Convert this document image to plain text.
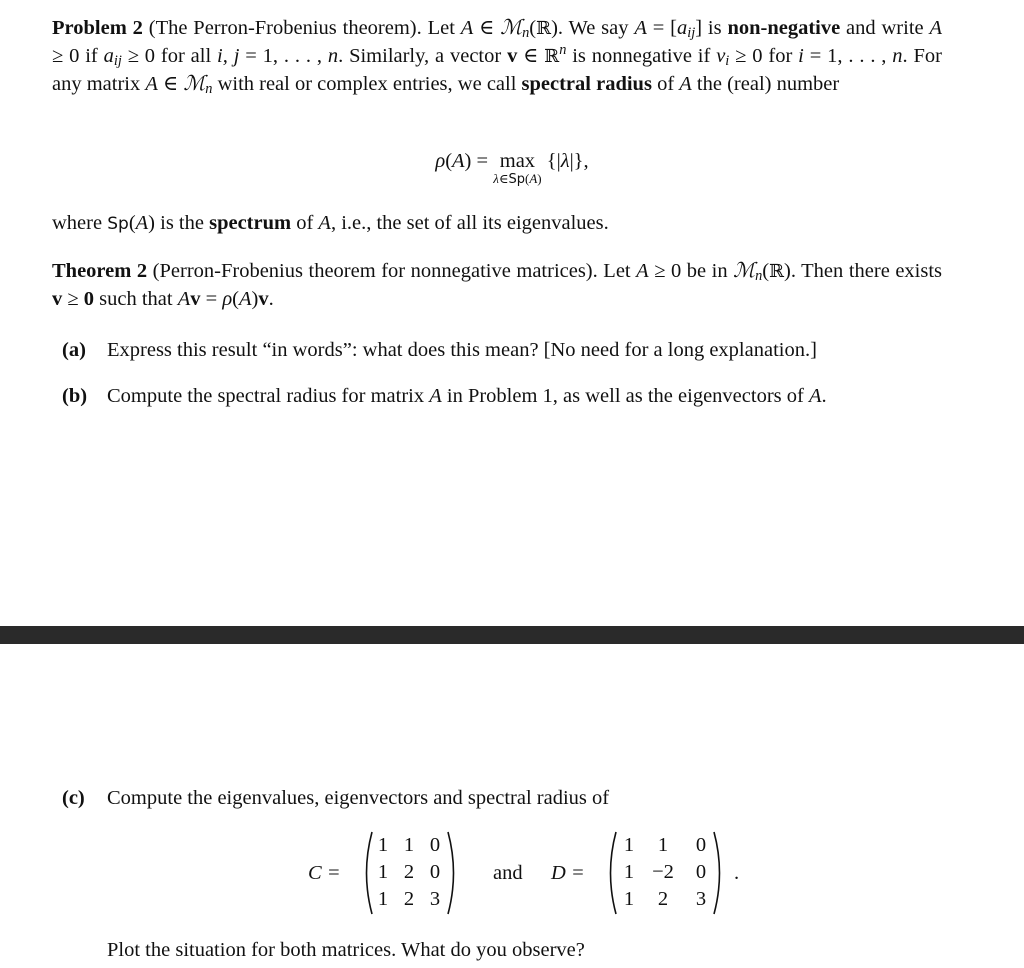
Problem 2 (The Perron-Frobenius theorem). Let A ∈ ℳ$_n$(ℝ). We say $A = [a_{ij}]$ is non-negative and write A ≥ 0 if $a_{ij} \ge 0$ for all i, j = 1, . . . , n. Similarly, a vector v ∈ ℝ$^n$ is nonnegative if $v_i \ge 0$ for i = 1, . . . , n. For any matrix A ∈ ℳ$_n$ with real or complex entries, we call spectral radius of A the (real) number
ρ(A) = max
λ∈Sp(A)
{|λ|},
where Sp(A) is the spectrum of A, i.e., the set of all its eigenvalues.
Theorem 2 (Perron-Frobenius theorem for nonnegative matrices). Let A ≥ 0 be in ℳ$_n$(ℝ). Then there exists v ≥ 0 such that Av = ρ(A)v.
(a) Express this result “in words”: what does this mean? [No need for a long explanation.]
(b) Compute the spectral radius for matrix A in Problem 1, as well as the eigenvectors of A.
(c) Compute the eigenvalues, eigenvectors and spectral radius of
C =
1 1 0
1 2 0
1 2 3
and D =
1	1	0
1 −2	0
1	2	3
.
Plot the situation for both matrices. What do you observe?
